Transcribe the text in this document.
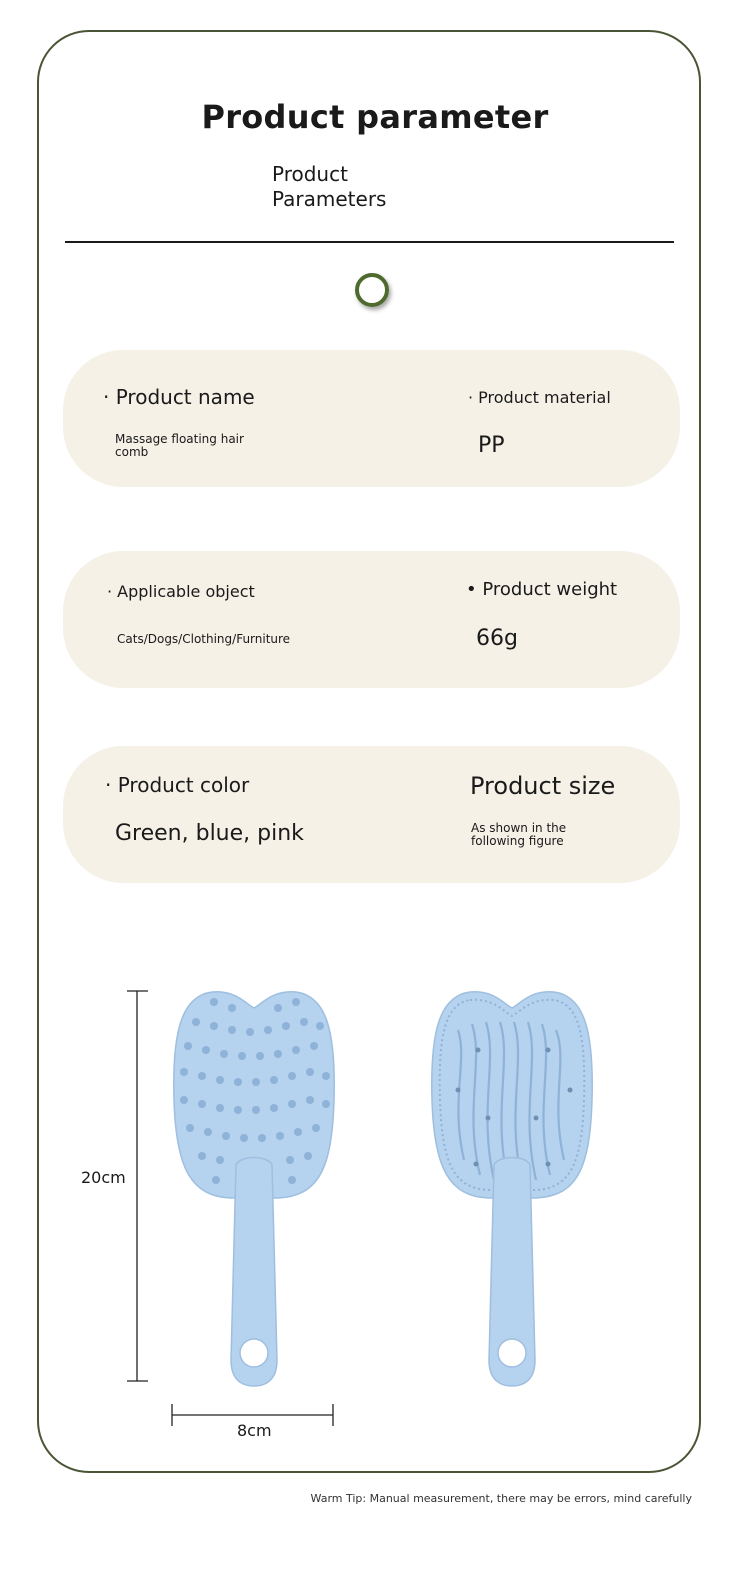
Product parameter
Product Parameters
· Product name
Massage floating hair comb
· Product material
PP
· Applicable object
Cats/Dogs/Clothing/Furniture
• Product weight
66g
· Product color
Green, blue, pink
Product size
As shown in the following figure
20cm
8cm
Warm Tip: Manual measurement, there may be errors, mind carefully
